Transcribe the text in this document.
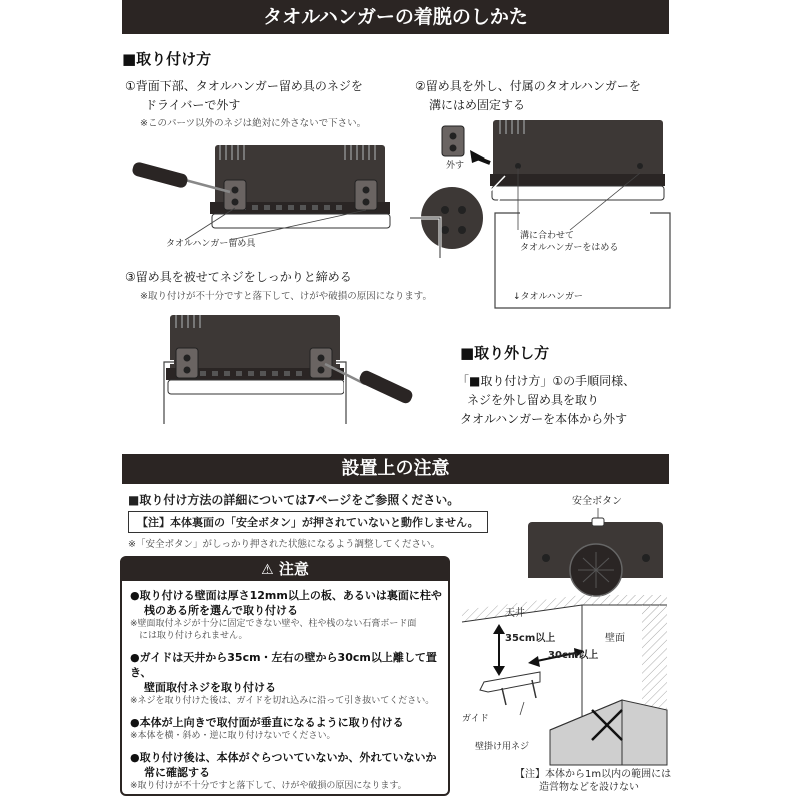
タオルハンガーの着脱のしかた
■取り付け方
①背面下部、タオルハンガー留め具のネジを
ドライバーで外す
※このパーツ以外のネジは絶対に外さないで下さい。
タオルハンガー留め具
②留め具を外し、付属のタオルハンガーを
溝にはめ固定する
外す
溝に合わせて
タオルハンガーをはめる
↓タオルハンガー
③留め具を被せてネジをしっかりと締める
※取り付けが不十分ですと落下して、けがや破損の原因になります。
■取り外し方
「■取り付け方」①の手順同様、
ネジを外し留め具を取り
タオルハンガーを本体から外す
設置上の注意
■取り付け方法の詳細については7ページをご参照ください。
【注】本体裏面の「安全ボタン」が押されていないと動作しません。
※「安全ボタン」がしっかり押された状態になるよう調整してください。
安全ボタン
⚠ 注意
●取り付ける壁面は厚さ12mm以上の板、あるいは裏面に柱や
桟のある所を選んで取り付ける
※壁面取付ネジが十分に固定できない壁や、柱や桟のない石膏ボード面
には取り付けられません。
●ガイドは天井から35cm・左右の壁から30cm以上離して置き、
壁面取付ネジを取り付ける
※ネジを取り付けた後は、ガイドを切れ込みに沿って引き抜いてください。
●本体が上向きで取付面が垂直になるように取り付ける
※本体を横・斜め・逆に取り付けないでください。
●取り付け後は、本体がぐらついていないか、外れていないか
常に確認する
※取り付けが不十分ですと落下して、けがや破損の原因になります。
天井
壁面
35cm以上
30cm以上
ガイド
壁掛け用ネジ
【注】本体から1m以内の範囲には
造営物などを設けない
